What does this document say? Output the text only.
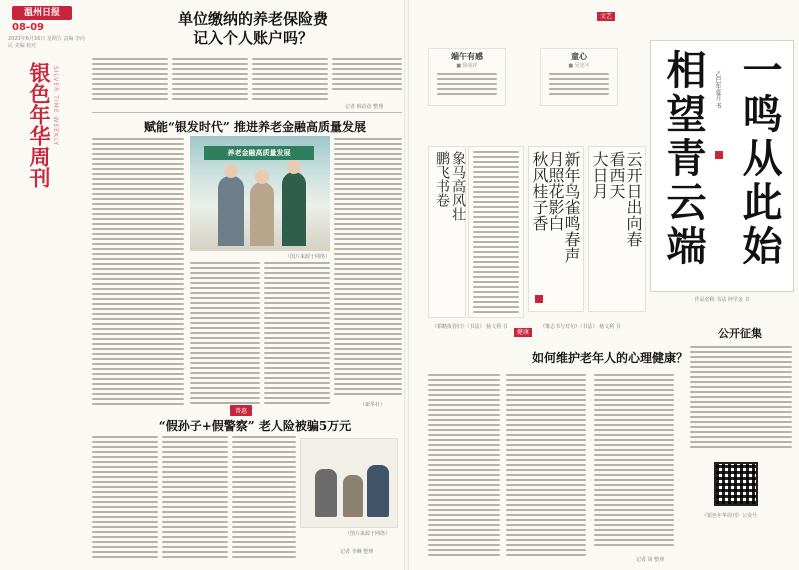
温州日报
08-09
2023年6月16日 星期五 责编 李向民 美编 校对
银色年华周刊 SILVER TIME WEEKLY
单位缴纳的养老保险费
记入个人账户吗？
记者 韩蓓蓓 整理
赋能“银发时代” 推进养老金融高质量发展
养老金融高质量发展
（图片来源于网络）
（新华社）
普惠
“假孙子+假警察” 老人险被骗5万元
（图片来源于网络）
记者 李琳 整理
文艺
端午有感
■ 徐荣祥
童心
■ 吴宪平
新年鸟雀鸣春声
月照花影白
秋风桂子香	云开日出向春
看西天
大日月
《韬略报春归》（书法） 杨文利 书	《雏志书与对句》（书法） 杨文利 书
象马高风壮
鹏飞书卷	一鸣从此始
相望青云端 乙巳年夏月 书
作品名称 书法 钟学金 书
健康
如何维护老年人的心理健康？
记者 周 整理
公开征集
《银色年华周刊》公众号
